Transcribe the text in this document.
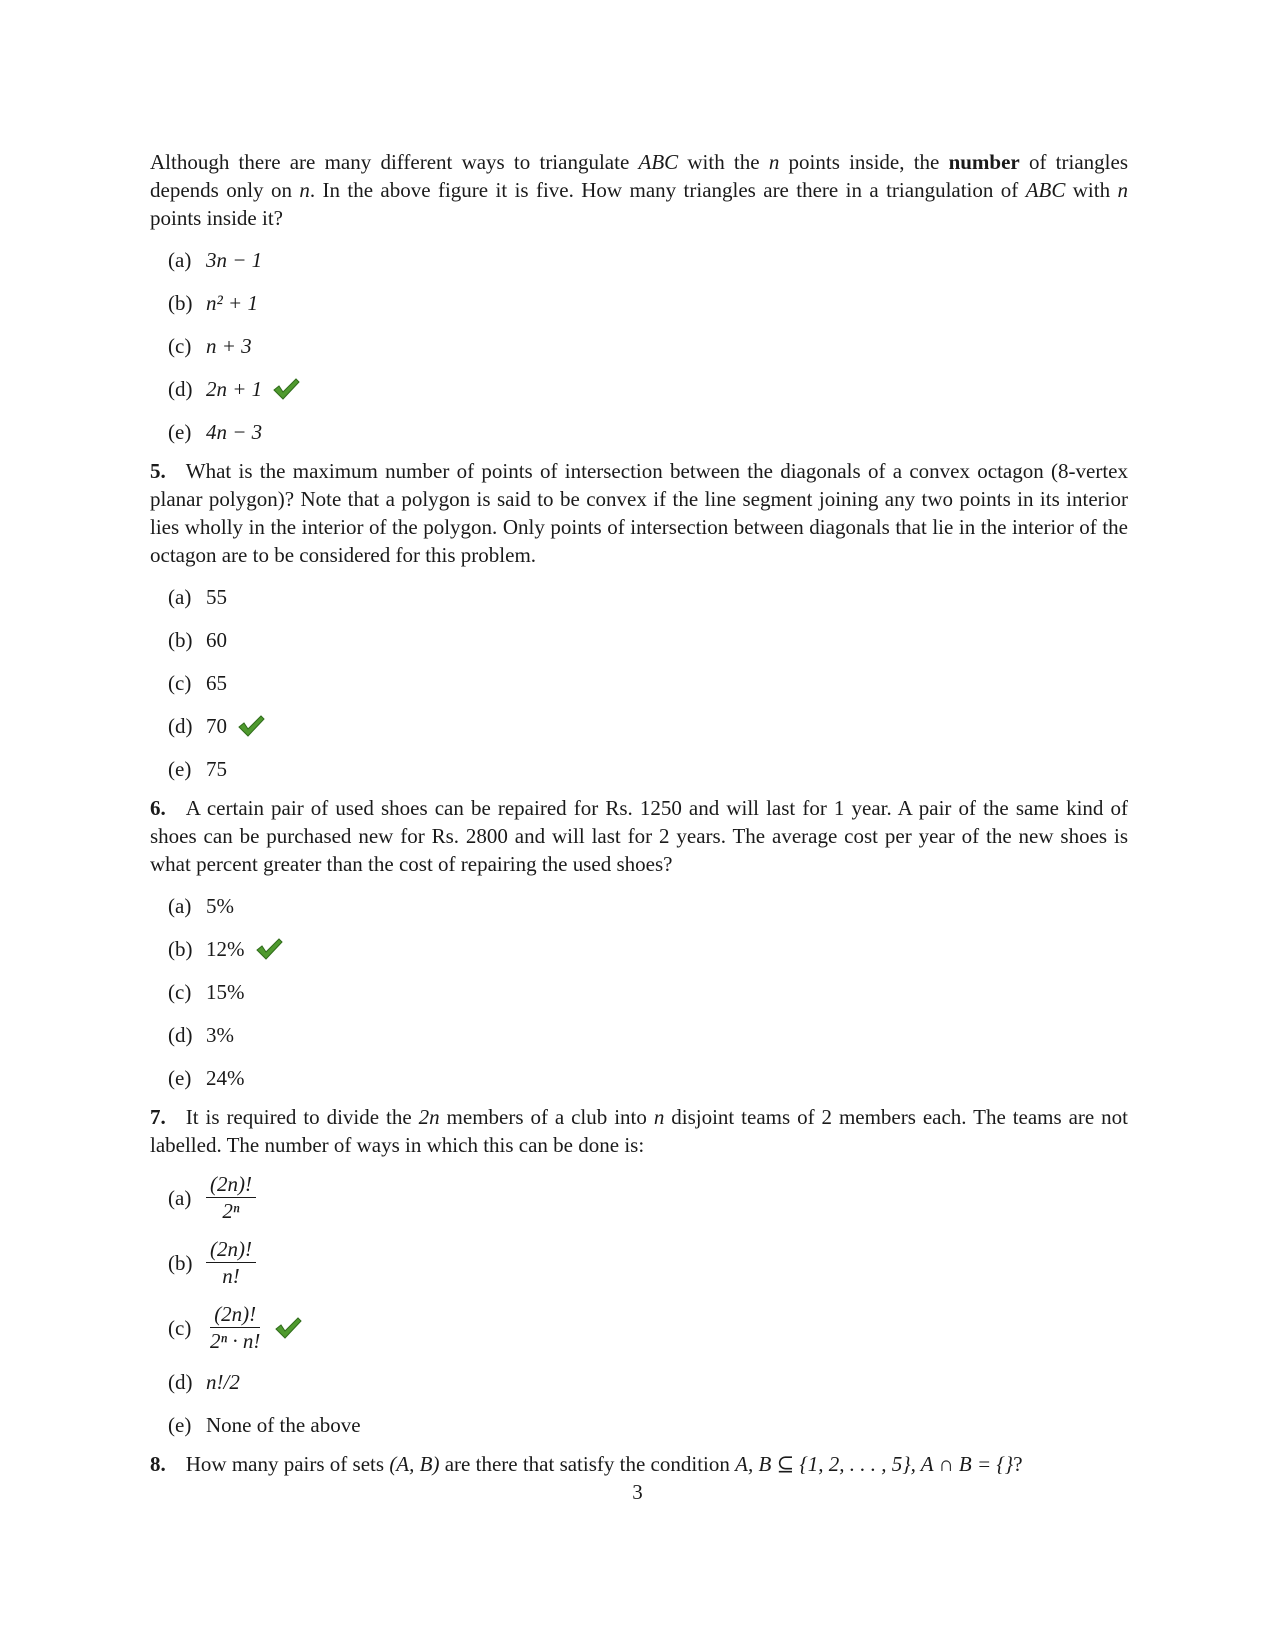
Although there are many different ways to triangulate ABC with the n points inside, the number of triangles depends only on n. In the above figure it is five. How many triangles are there in a triangulation of ABC with n points inside it?

(a) 3n − 1
(b) n² + 1
(c) n + 3
(d) 2n + 1
(e) 4n − 3

5. What is the maximum number of points of intersection between the diagonals of a convex octagon (8-vertex planar polygon)? Note that a polygon is said to be convex if the line segment joining any two points in its interior lies wholly in the interior of the polygon. Only points of intersection between diagonals that lie in the interior of the octagon are to be considered for this problem.

(a) 55
(b) 60
(c) 65
(d) 70
(e) 75

6. A certain pair of used shoes can be repaired for Rs. 1250 and will last for 1 year. A pair of the same kind of shoes can be purchased new for Rs. 2800 and will last for 2 years. The average cost per year of the new shoes is what percent greater than the cost of repairing the used shoes?

(a) 5%
(b) 12%
(c) 15%
(d) 3%
(e) 24%

7. It is required to divide the 2n members of a club into n disjoint teams of 2 members each. The teams are not labelled. The number of ways in which this can be done is:

$(a) \frac{(2n)!}{\text{2ⁿ}}$
$(b) \frac{(2n)!}{n!}$
$(c) \frac{(2n)!}{\text{2ⁿ · n!}}$
(d) n!/2
(e) None of the above

8. How many pairs of sets (A, B) are there that satisfy the condition A, B ⊆ {1, 2, . . . , 5}, A ∩ B = {}?

3
